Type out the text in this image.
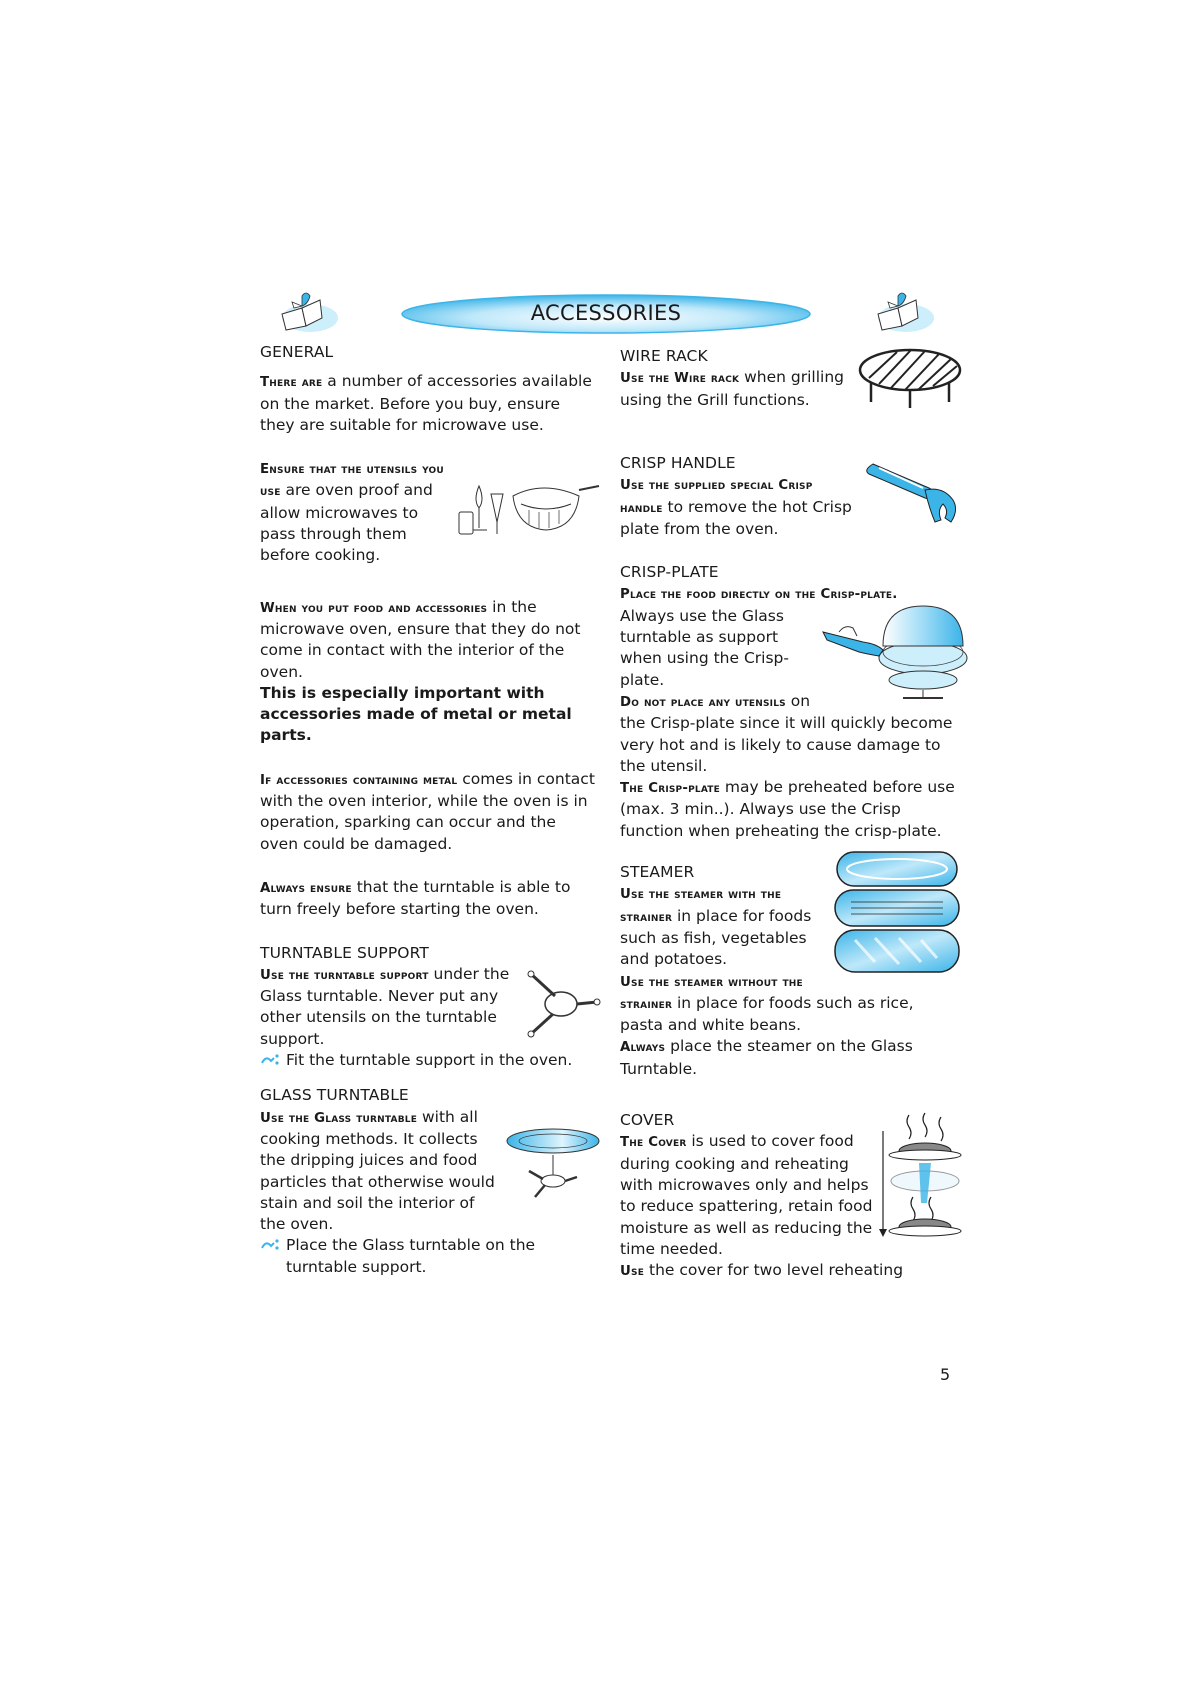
ACCESSORIES

GENERAL

There are a number of accessories available on the market. Before you buy, ensure they are suitable for microwave use.

Ensure that the utensils you use are oven proof and allow microwaves to pass through them before cooking.

When you put food and accessories in the microwave oven, ensure that they do not come in contact with the interior of the oven.

This is especially important with accessories made of metal or metal parts.

If accessories containing metal comes in contact with the oven interior, while the oven is in operation, sparking can occur and the oven could be damaged.

Always ensure that the turntable is able to turn freely before starting the oven.

TURNTABLE SUPPORT

Use the turntable support under the Glass turntable. Never put any other utensils on the turntable support.

Fit the turntable support in the oven.

GLASS TURNTABLE

Use the Glass turntable with all cooking methods. It collects the dripping juices and food particles that otherwise would stain and soil the interior of the oven.

Place the Glass turntable on the turntable support.

WIRE RACK

Use the Wire rack when grilling using the Grill functions.

CRISP HANDLE

Use the supplied special Crisp handle to remove the hot Crisp plate from the oven.

CRISP-PLATE

Place the food directly on the Crisp-plate.

Always use the Glass turntable as support when using the Crisp-plate.

Do not place any utensils on the Crisp-plate since it will quickly become very hot and is likely to cause damage to the utensil.

The Crisp-plate may be preheated before use (max. 3 min..). Always use the Crisp function when preheating the crisp-plate.

STEAMER

Use the steamer with the strainer in place for foods such as fish, vegetables and potatoes.

Use the steamer without the strainer in place for foods such as rice, pasta and white beans.

Always place the steamer on the Glass Turntable.

COVER

The Cover is used to cover food during cooking and reheating with microwaves only and helps to reduce spattering, retain food moisture as well as reducing the time needed.

Use the cover for two level reheating

5
